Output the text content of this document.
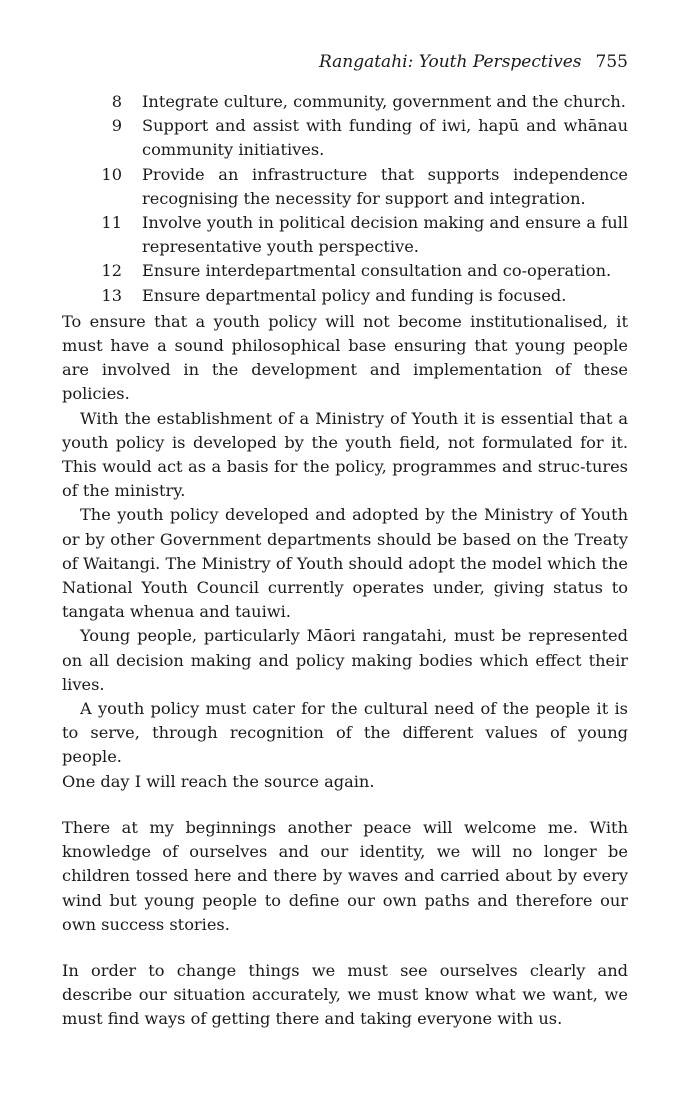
Rangatahi: Youth Perspectives 755
8 Integrate culture, community, government and the church.
9 Support and assist with funding of iwi, hapū and whānau community initiatives.
10 Provide an infrastructure that supports independence recognising the necessity for support and integration.
11 Involve youth in political decision making and ensure a full representative youth perspective.
12 Ensure interdepartmental consultation and co-operation.
13 Ensure departmental policy and funding is focused.

To ensure that a youth policy will not become institutionalised, it must have a sound philosophical base ensuring that young people are involved in the development and implementation of these policies.

With the establishment of a Ministry of Youth it is essential that a youth policy is developed by the youth field, not formulated for it. This would act as a basis for the policy, programmes and struc-tures of the ministry.

The youth policy developed and adopted by the Ministry of Youth or by other Government departments should be based on the Treaty of Waitangi. The Ministry of Youth should adopt the model which the National Youth Council currently operates under, giving status to tangata whenua and tauiwi.

Young people, particularly Māori rangatahi, must be represented on all decision making and policy making bodies which effect their lives.

A youth policy must cater for the cultural need of the people it is to serve, through recognition of the different values of young people.

One day I will reach the source again.

There at my beginnings another peace will welcome me. With knowledge of ourselves and our identity, we will no longer be children tossed here and there by waves and carried about by every wind but young people to define our own paths and therefore our own success stories.

In order to change things we must see ourselves clearly and describe our situation accurately, we must know what we want, we must find ways of getting there and taking everyone with us.
